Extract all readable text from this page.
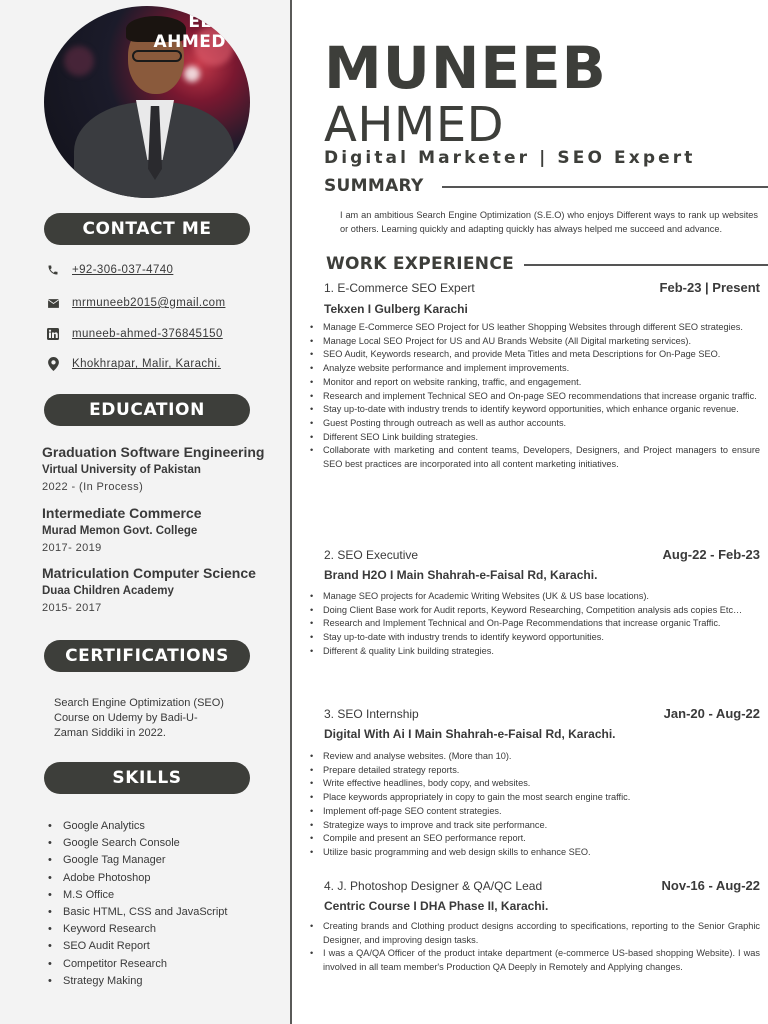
EEB
AHMED
CONTACT ME
+92-306-037-4740
mrmuneeb2015@gmail.com
muneeb-ahmed-376845150
Khokhrapar, Malir, Karachi.
EDUCATION
Graduation Software Engineering
Virtual University of Pakistan
2022 - (In Process)
Intermediate Commerce
Murad Memon Govt. College
2017- 2019
Matriculation Computer Science
Duaa Children Academy
2015- 2017
CERTIFICATIONS
Search Engine Optimization (SEO) Course on Udemy by Badi-U-Zaman Siddiki in 2022.
SKILLS
• Google Analytics
• Google Search Console
• Google Tag Manager
• Adobe Photoshop
• M.S Office
• Basic HTML, CSS and JavaScript
• Keyword Research
• SEO Audit Report
• Competitor Research
• Strategy Making
MUNEEB
AHMED
Digital Marketer | SEO Expert
SUMMARY
I am an ambitious Search Engine Optimization (S.E.O) who enjoys Different ways to rank up websites or others. Learning quickly and adapting quickly has always helped me succeed and advance.
WORK EXPERIENCE
1. E-Commerce SEO Expert	Feb-23 | Present
Tekxen I Gulberg Karachi
• Manage E-Commerce SEO Project for US leather Shopping Websites through different SEO strategies.
• Manage Local SEO Project for US and AU Brands Website (All Digital marketing services).
• SEO Audit, Keywords research, and provide Meta Titles and meta Descriptions for On-Page SEO.
• Analyze website performance and implement improvements.
• Monitor and report on website ranking, traffic, and engagement.
• Research and implement Technical SEO and On-page SEO recommendations that increase organic traffic.
• Stay up-to-date with industry trends to identify keyword opportunities, which enhance organic revenue.
• Guest Posting through outreach as well as author accounts.
• Different SEO Link building strategies.
• Collaborate with marketing and content teams, Developers, Designers, and Project managers to ensure SEO best practices are incorporated into all content marketing initiatives.
2. SEO Executive	Aug-22 - Feb-23
Brand H2O I Main Shahrah-e-Faisal Rd, Karachi.
• Manage SEO projects for Academic Writing Websites (UK & US base locations).
• Doing Client Base work for Audit reports, Keyword Researching, Competition analysis ads copies Etc…
• Research and Implement Technical and On-Page Recommendations that increase organic Traffic.
• Stay up-to-date with industry trends to identify keyword opportunities.
• Different & quality Link building strategies.
3. SEO Internship	Jan-20 - Aug-22
Digital With Ai I Main Shahrah-e-Faisal Rd, Karachi.
• Review and analyse websites. (More than 10).
• Prepare detailed strategy reports.
• Write effective headlines, body copy, and websites.
• Place keywords appropriately in copy to gain the most search engine traffic.
• Implement off-page SEO content strategies.
• Strategize ways to improve and track site performance.
• Compile and present an SEO performance report.
• Utilize basic programming and web design skills to enhance SEO.
4. J. Photoshop Designer & QA/QC Lead	Nov-16 - Aug-22
Centric Course I DHA Phase II, Karachi.
• Creating brands and Clothing product designs according to specifications, reporting to the Senior Graphic Designer, and improving design tasks.
• I was a QA/QA Officer of the product intake department (e-commerce US-based shopping Website). I was involved in all team member's Production QA Deeply in Remotely and Applying changes.
